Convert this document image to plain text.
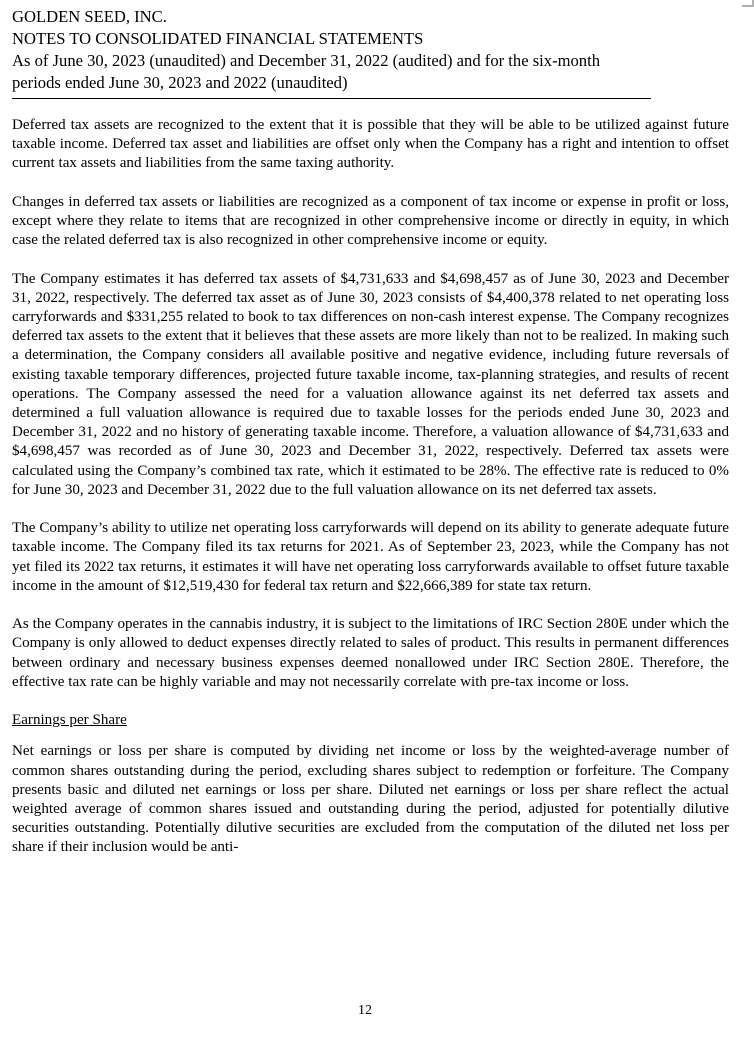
GOLDEN SEED, INC.
NOTES TO CONSOLIDATED FINANCIAL STATEMENTS
As of June 30, 2023 (unaudited) and December 31, 2022 (audited) and for the six-month
periods ended June 30, 2023 and 2022 (unaudited)

Deferred tax assets are recognized to the extent that it is possible that they will be able to be utilized against future taxable income. Deferred tax asset and liabilities are offset only when the Company has a right and intention to offset current tax assets and liabilities from the same taxing authority.

Changes in deferred tax assets or liabilities are recognized as a component of tax income or expense in profit or loss, except where they relate to items that are recognized in other comprehensive income or directly in equity, in which case the related deferred tax is also recognized in other comprehensive income or equity.

The Company estimates it has deferred tax assets of $4,731,633 and $4,698,457 as of June 30, 2023 and December 31, 2022, respectively. The deferred tax asset as of June 30, 2023 consists of $4,400,378 related to net operating loss carryforwards and $331,255 related to book to tax differences on non-cash interest expense. The Company recognizes deferred tax assets to the extent that it believes that these assets are more likely than not to be realized. In making such a determination, the Company considers all available positive and negative evidence, including future reversals of existing taxable temporary differences, projected future taxable income, tax-planning strategies, and results of recent operations. The Company assessed the need for a valuation allowance against its net deferred tax assets and determined a full valuation allowance is required due to taxable losses for the periods ended June 30, 2023 and December 31, 2022 and no history of generating taxable income. Therefore, a valuation allowance of $4,731,633 and $4,698,457 was recorded as of June 30, 2023 and December 31, 2022, respectively. Deferred tax assets were calculated using the Company’s combined tax rate, which it estimated to be 28%. The effective rate is reduced to 0% for June 30, 2023 and December 31, 2022 due to the full valuation allowance on its net deferred tax assets.

The Company’s ability to utilize net operating loss carryforwards will depend on its ability to generate adequate future taxable income. The Company filed its tax returns for 2021. As of September 23, 2023, while the Company has not yet filed its 2022 tax returns, it estimates it will have net operating loss carryforwards available to offset future taxable income in the amount of $12,519,430 for federal tax return and $22,666,389 for state tax return.

As the Company operates in the cannabis industry, it is subject to the limitations of IRC Section 280E under which the Company is only allowed to deduct expenses directly related to sales of product. This results in permanent differences between ordinary and necessary business expenses deemed nonallowed under IRC Section 280E. Therefore, the effective tax rate can be highly variable and may not necessarily correlate with pre-tax income or loss.

Earnings per Share

Net earnings or loss per share is computed by dividing net income or loss by the weighted-average number of common shares outstanding during the period, excluding shares subject to redemption or forfeiture. The Company presents basic and diluted net earnings or loss per share. Diluted net earnings or loss per share reflect the actual weighted average of common shares issued and outstanding during the period, adjusted for potentially dilutive securities outstanding. Potentially dilutive securities are excluded from the computation of the diluted net loss per share if their inclusion would be anti-

12
